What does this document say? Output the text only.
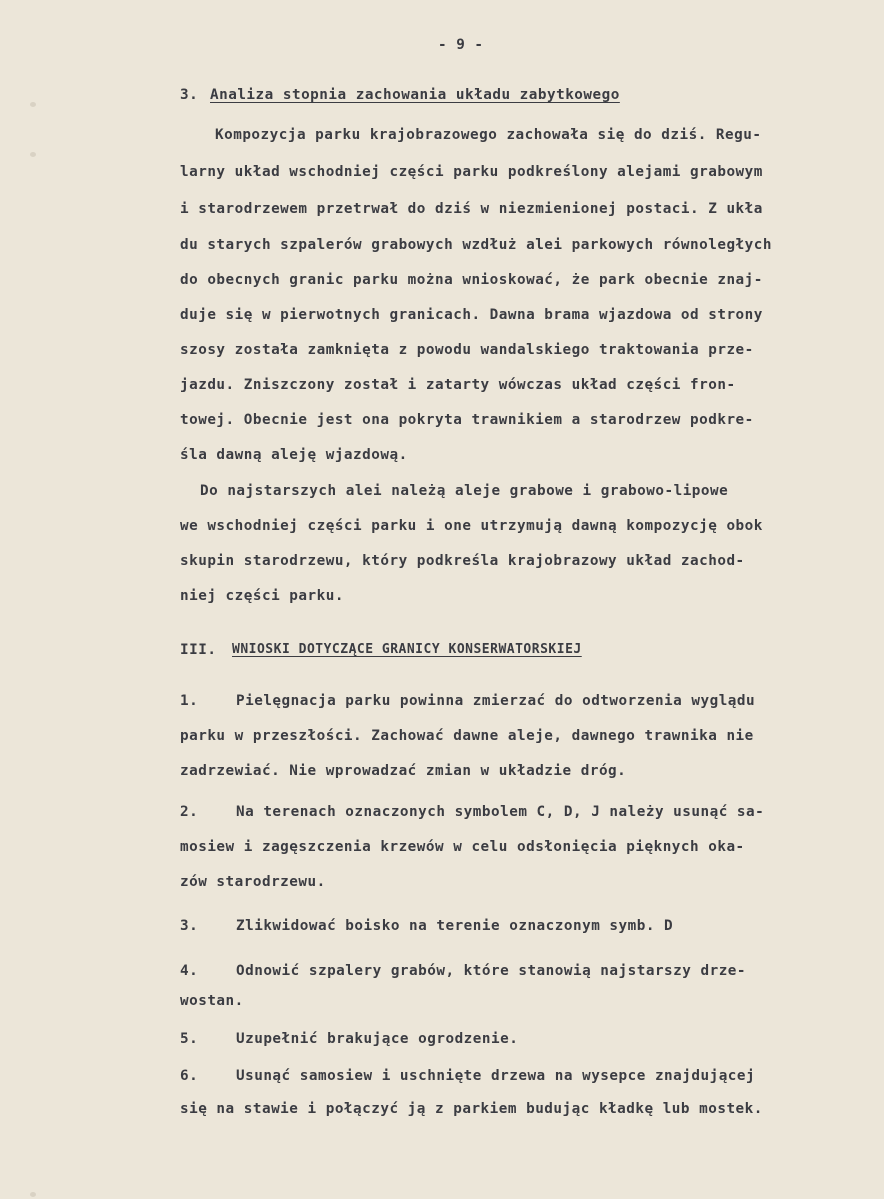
- 9 -
3. Analiza stopnia zachowania układu zabytkowego
Kompozycja parku krajobrazowego zachowała się do dziś. Regu-
larny układ wschodniej części parku podkreślony alejami grabowym
i starodrzewem przetrwał do dziś w niezmienionej postaci. Z ukła
du starych szpalerów grabowych wzdłuż alei parkowych równoległych
do obecnych granic parku można wnioskować, że park obecnie znaj-
duje się w pierwotnych granicach. Dawna brama wjazdowa od strony
szosy została zamknięta z powodu wandalskiego traktowania prze-
jazdu. Zniszczony został i zatarty wówczas układ części fron-
towej. Obecnie jest ona pokryta trawnikiem a starodrzew podkre-
śla dawną aleję wjazdową.
Do najstarszych alei należą aleje grabowe i grabowo-lipowe
we wschodniej części parku i one utrzymują dawną kompozycję obok
skupin starodrzewu, który podkreśla krajobrazowy układ zachod-
niej części parku.
III. WNIOSKI DOTYCZĄCE GRANICY KONSERWATORSKIEJ
1.	Pielęgnacja parku powinna zmierzać do odtworzenia wyglądu
parku w przeszłości. Zachować dawne aleje, dawnego trawnika nie
zadrzewiać. Nie wprowadzać zmian w układzie dróg.
2.	Na terenach oznaczonych symbolem C, D, J należy usunąć sa-
mosiew i zagęszczenia krzewów w celu odsłonięcia pięknych oka-
zów starodrzewu.
3.	Zlikwidować boisko na terenie oznaczonym symb. D
4.	Odnowić szpalery grabów, które stanowią najstarszy drze-
wostan.
5.	Uzupełnić brakujące ogrodzenie.
6.	Usunąć samosiew i uschnięte drzewa na wysepce znajdującej
się na stawie i połączyć ją z parkiem budując kładkę lub mostek.
